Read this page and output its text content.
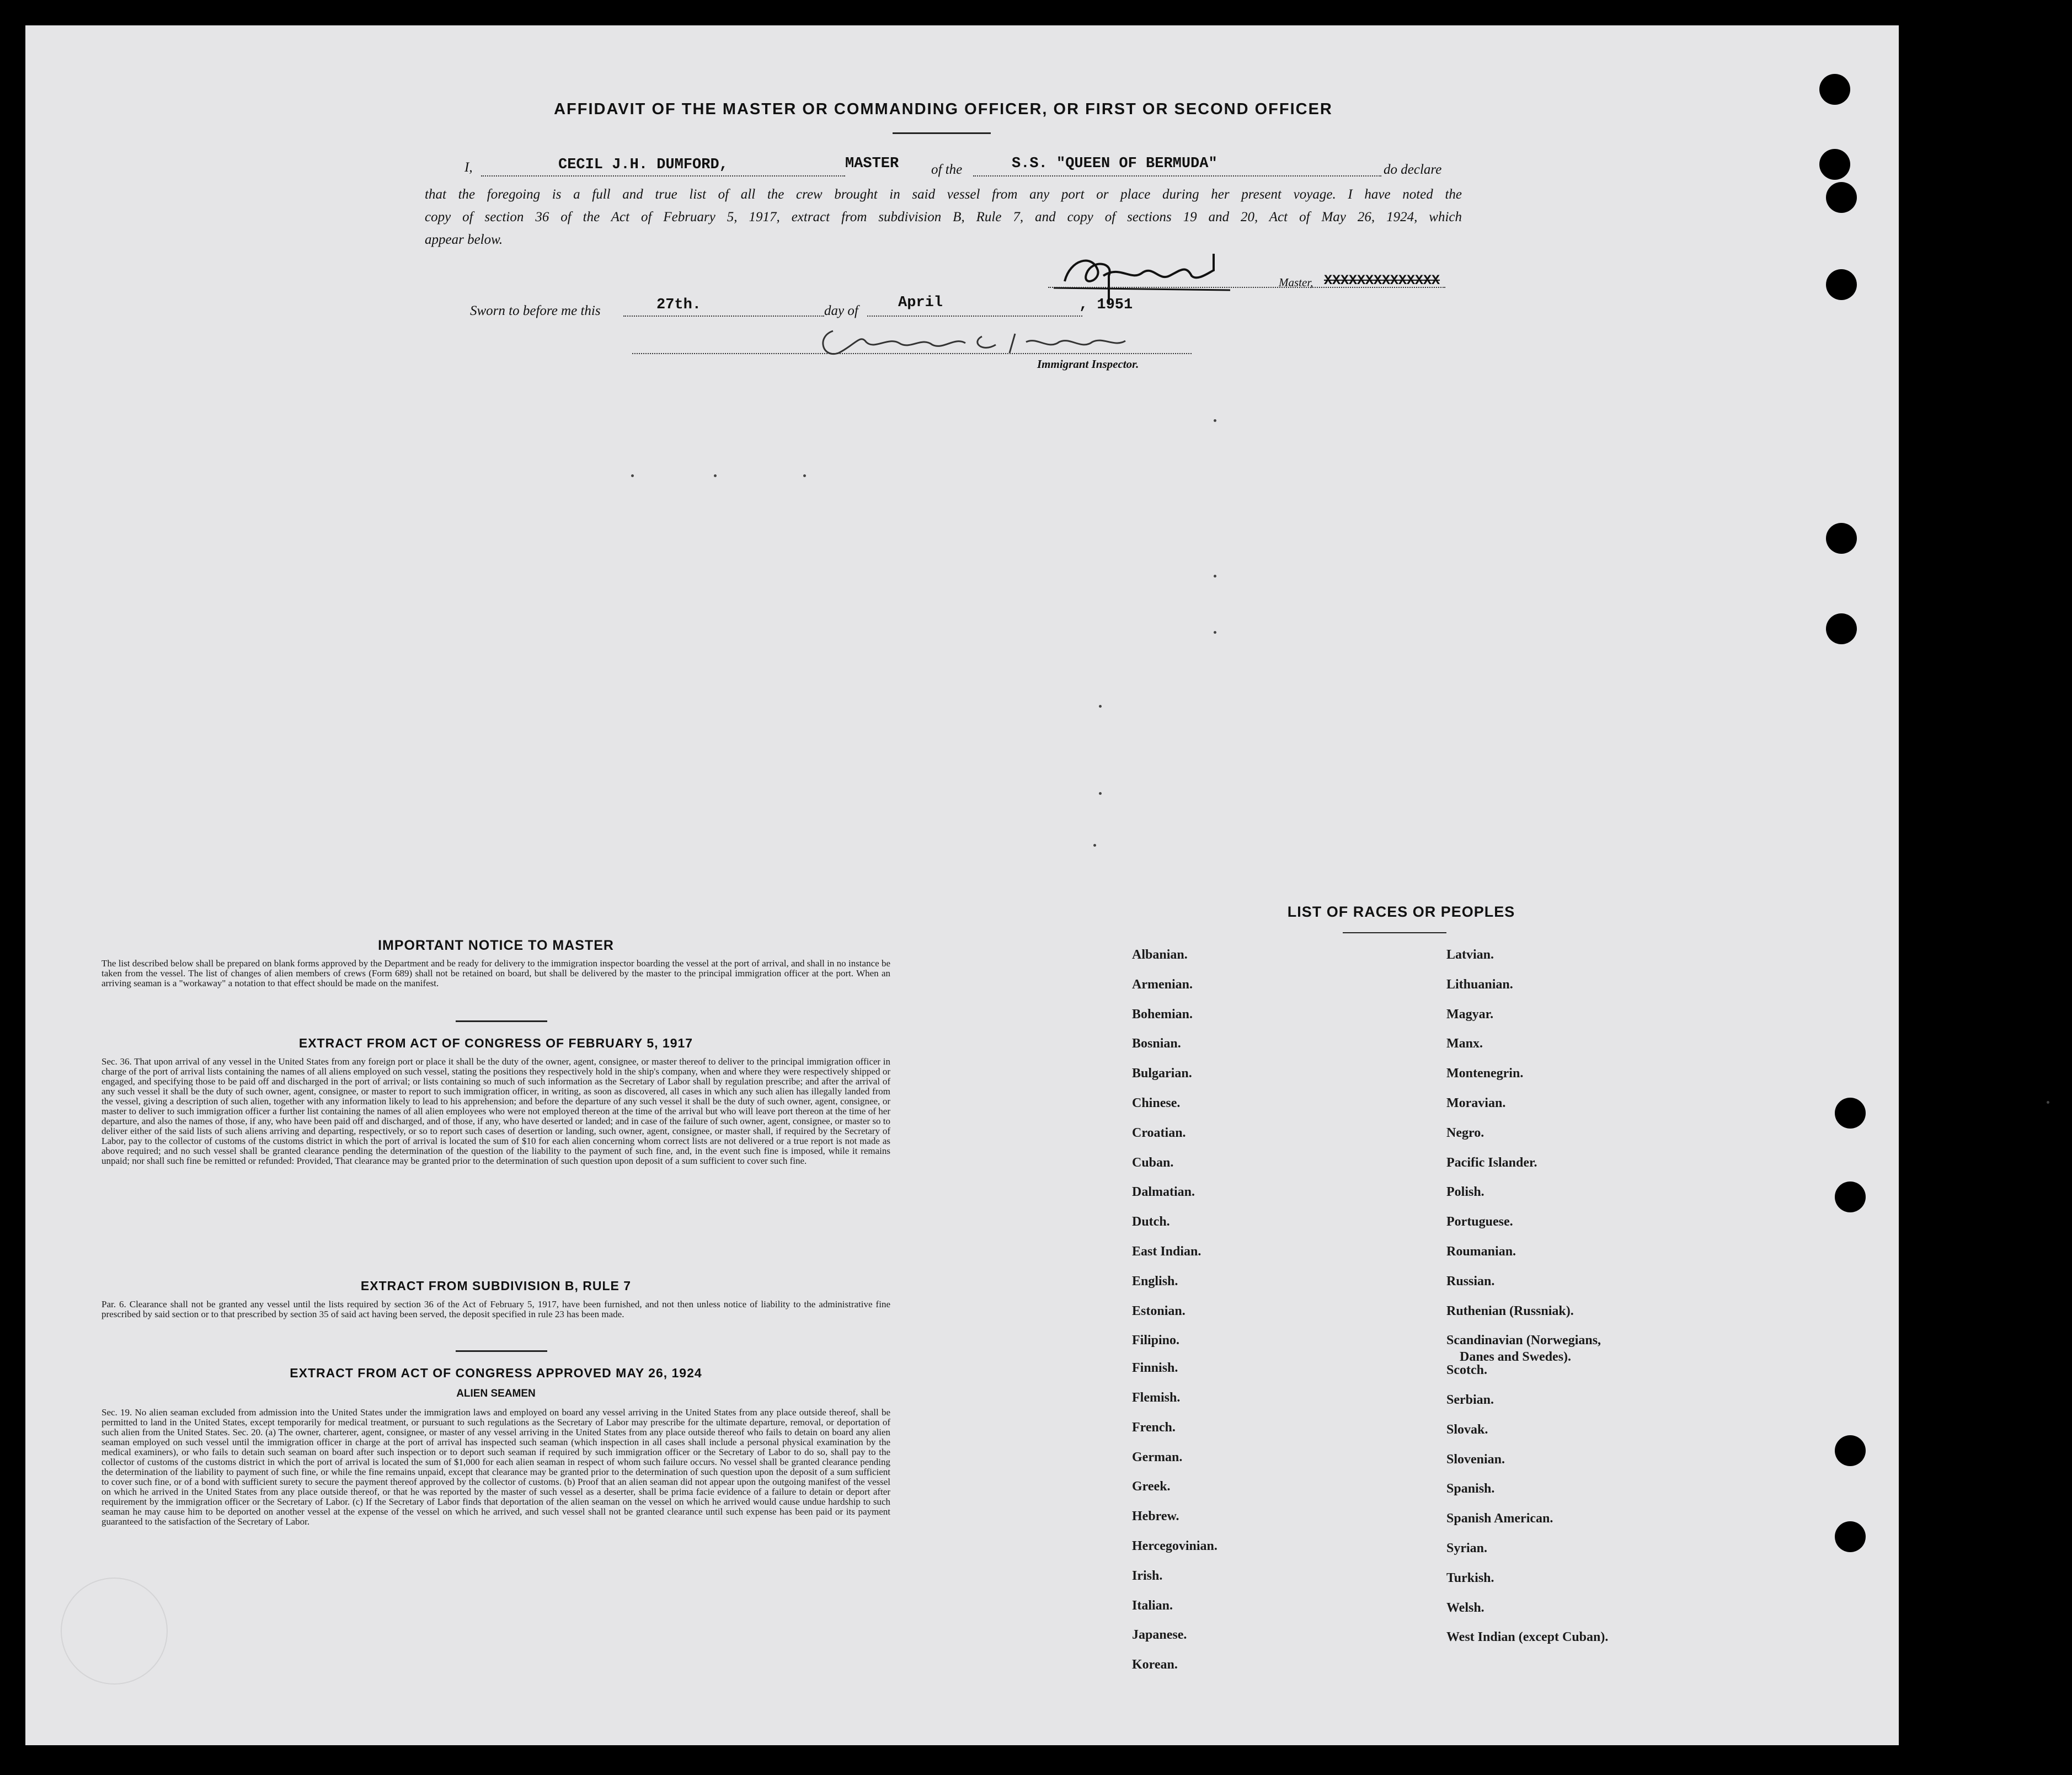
AFFIDAVIT OF THE MASTER OR COMMANDING OFFICER, OR FIRST OR SECOND OFFICER
I,	CECIL J.H. DUMFORD,	MASTER of the	S.S. "QUEEN OF BERMUDA"	do declare
that the foregoing is a full and true list of all the crew brought in said vessel from any port or place during her present voyage. I have noted the
copy of section 36 of the Act of February 5, 1917, extract from subdivision B, Rule 7, and copy of sections 19 and 20, Act of May 26, 1924, which
appear below.
Master, XXXXXXXXXXXXXX
Sworn to before me this	27th.	day of	April	, 1951
Immigrant Inspector.
IMPORTANT NOTICE TO MASTER
The list described below shall be prepared on blank forms approved by the Department and be ready for delivery to the immigration inspector boarding the vessel at the port of arrival, and shall in no instance be taken from the vessel. The list of changes of alien members of crews (Form 689) shall not be retained on board, but shall be delivered by the master to the principal immigration officer at the port. When an arriving seaman is a "workaway" a notation to that effect should be made on the manifest.
EXTRACT FROM ACT OF CONGRESS OF FEBRUARY 5, 1917
Sec. 36. That upon arrival of any vessel in the United States from any foreign port or place it shall be the duty of the owner, agent, consignee, or master thereof to deliver to the principal immigration officer in charge of the port of arrival lists containing the names of all aliens employed on such vessel, stating the positions they respectively hold in the ship's company, when and where they were respectively shipped or engaged, and specifying those to be paid off and discharged in the port of arrival; or lists containing so much of such information as the Secretary of Labor shall by regulation prescribe; and after the arrival of any such vessel it shall be the duty of such owner, agent, consignee, or master to report to such immigration officer, in writing, as soon as discovered, all cases in which any such alien has illegally landed from the vessel, giving a description of such alien, together with any information likely to lead to his apprehension; and before the departure of any such vessel it shall be the duty of such owner, agent, consignee, or master to deliver to such immigration officer a further list containing the names of all alien employees who were not employed thereon at the time of the arrival but who will leave port thereon at the time of her departure, and also the names of those, if any, who have been paid off and discharged, and of those, if any, who have deserted or landed; and in case of the failure of such owner, agent, consignee, or master so to deliver either of the said lists of such aliens arriving and departing, respectively, or so to report such cases of desertion or landing, such owner, agent, consignee, or master shall, if required by the Secretary of Labor, pay to the collector of customs of the customs district in which the port of arrival is located the sum of $10 for each alien concerning whom correct lists are not delivered or a true report is not made as above required; and no such vessel shall be granted clearance pending the determination of the question of the liability to the payment of such fine, and, in the event such fine is imposed, while it remains unpaid; nor shall such fine be remitted or refunded: Provided, That clearance may be granted prior to the determination of such question upon deposit of a sum sufficient to cover such fine.
EXTRACT FROM SUBDIVISION B, RULE 7
Par. 6. Clearance shall not be granted any vessel until the lists required by section 36 of the Act of February 5, 1917, have been furnished, and not then unless notice of liability to the administrative fine prescribed by said section or to that prescribed by section 35 of said act having been served, the deposit specified in rule 23 has been made.
EXTRACT FROM ACT OF CONGRESS APPROVED MAY 26, 1924
ALIEN SEAMEN
Sec. 19. No alien seaman excluded from admission into the United States under the immigration laws and employed on board any vessel arriving in the United States from any place outside thereof, shall be permitted to land in the United States, except temporarily for medical treatment, or pursuant to such regulations as the Secretary of Labor may prescribe for the ultimate departure, removal, or deportation of such alien from the United States. Sec. 20. (a) The owner, charterer, agent, consignee, or master of any vessel arriving in the United States from any place outside thereof who fails to detain on board any alien seaman employed on such vessel until the immigration officer in charge at the port of arrival has inspected such seaman (which inspection in all cases shall include a personal physical examination by the medical examiners), or who fails to detain such seaman on board after such inspection or to deport such seaman if required by such immigration officer or the Secretary of Labor to do so, shall pay to the collector of customs of the customs district in which the port of arrival is located the sum of $1,000 for each alien seaman in respect of whom such failure occurs. No vessel shall be granted clearance pending the determination of the liability to payment of such fine, or while the fine remains unpaid, except that clearance may be granted prior to the determination of such question upon the deposit of a sum sufficient to cover such fine, or of a bond with sufficient surety to secure the payment thereof approved by the collector of customs. (b) Proof that an alien seaman did not appear upon the outgoing manifest of the vessel on which he arrived in the United States from any place outside thereof, or that he was reported by the master of such vessel as a deserter, shall be prima facie evidence of a failure to detain or deport after requirement by the immigration officer or the Secretary of Labor. (c) If the Secretary of Labor finds that deportation of the alien seaman on the vessel on which he arrived would cause undue hardship to such seaman he may cause him to be deported on another vessel at the expense of the vessel on which he arrived, and such vessel shall not be granted clearance until such expense has been paid or its payment guaranteed to the satisfaction of the Secretary of Labor.
LIST OF RACES OR PEOPLES
Albanian.
Armenian.
Bohemian.
Bosnian.
Bulgarian.
Chinese.
Croatian.
Cuban.
Dalmatian.
Dutch.
East Indian.
English.
Estonian.
Filipino.
Finnish.
Flemish.
French.
German.
Greek.
Hebrew.
Hercegovinian.
Irish.
Italian.
Japanese.
Korean.
Latvian.
Lithuanian.
Magyar.
Manx.
Montenegrin.
Moravian.
Negro.
Pacific Islander.
Polish.
Portuguese.
Roumanian.
Russian.
Ruthenian (Russniak).
Scandinavian (Norwegians,
Danes and Swedes).
Scotch.
Serbian.
Slovak.
Slovenian.
Spanish.
Spanish American.
Syrian.
Turkish.
Welsh.
West Indian (except Cuban).
